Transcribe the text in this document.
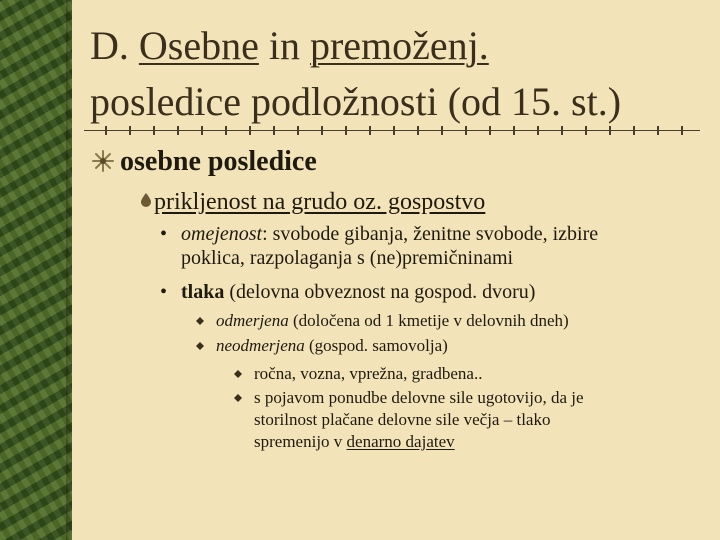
D. Osebne in premoženj.
posledice podložnosti (od 15. st.)
osebne posledice
prikljenost na grudo oz. gospostvo
• omejenost: svobode gibanja, ženitne svobode, izbire
poklica, razpolaganja s (ne)premičninami
• tlaka (delovna obveznost na gospod. dvoru)
odmerjena (določena od 1 kmetije v delovnih dneh)
neodmerjena (gospod. samovolja)
ročna, vozna, vprežna, gradbena..
s pojavom ponudbe delovne sile ugotovijo, da je
storilnost plačane delovne sile večja – tlako
spremenijo v denarno dajatev
